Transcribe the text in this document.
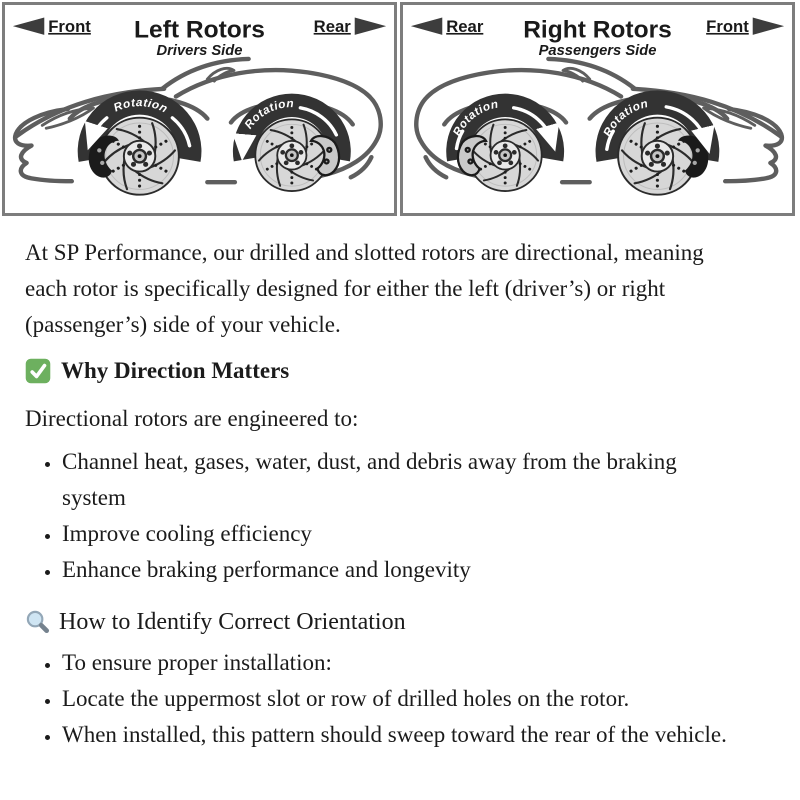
Rotation
Rotation
Front Left Rotors
Drivers Side
Rear
Rotation
Rotation
Rear Right Rotors
Passengers Side
Front

At SP Performance, our drilled and slotted rotors are directional, meaning each rotor is specifically designed for either the left (driver’s) or right (passenger’s) side of your vehicle.

Why Direction Matters

Directional rotors are engineered to:

• Channel heat, gases, water, dust, and debris away from the braking system
• Improve cooling efficiency
• Enhance braking performance and longevity
How to Identify Correct Orientation
• To ensure proper installation:
• Locate the uppermost slot or row of drilled holes on the rotor.
• When installed, this pattern should sweep toward the rear of the vehicle.
